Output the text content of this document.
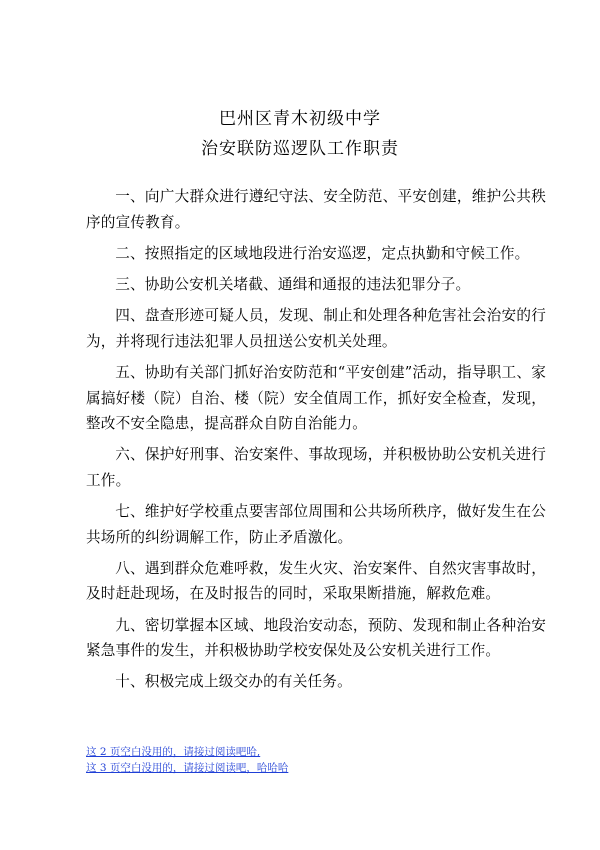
巴州区青木初级中学
治安联防巡逻队工作职责

一、向广大群众进行遵纪守法、安全防范、平安创建，维护公共秩序的宣传教育。

二、按照指定的区域地段进行治安巡逻，定点执勤和守候工作。

三、协助公安机关堵截、通缉和通报的违法犯罪分子。

四、盘查形迹可疑人员，发现、制止和处理各种危害社会治安的行为，并将现行违法犯罪人员扭送公安机关处理。

五、协助有关部门抓好治安防范和“平安创建”活动，指导职工、家属搞好楼（院）自治、楼（院）安全值周工作，抓好安全检查，发现，整改不安全隐患，提高群众自防自治能力。

六、保护好刑事、治安案件、事故现场，并积极协助公安机关进行工作。

七、维护好学校重点要害部位周围和公共场所秩序，做好发生在公共场所的纠纷调解工作，防止矛盾激化。

八、遇到群众危难呼救，发生火灾、治安案件、自然灾害事故时，及时赶赴现场，在及时报告的同时，采取果断措施，解救危难。

九、密切掌握本区域、地段治安动态，预防、发现和制止各种治安紧急事件的发生，并积极协助学校安保处及公安机关进行工作。

十、积极完成上级交办的有关任务。

这 2 页空白没用的，请接过阅读吧哈,
这 3 页空白没用的，请接过阅读吧，哈哈哈
